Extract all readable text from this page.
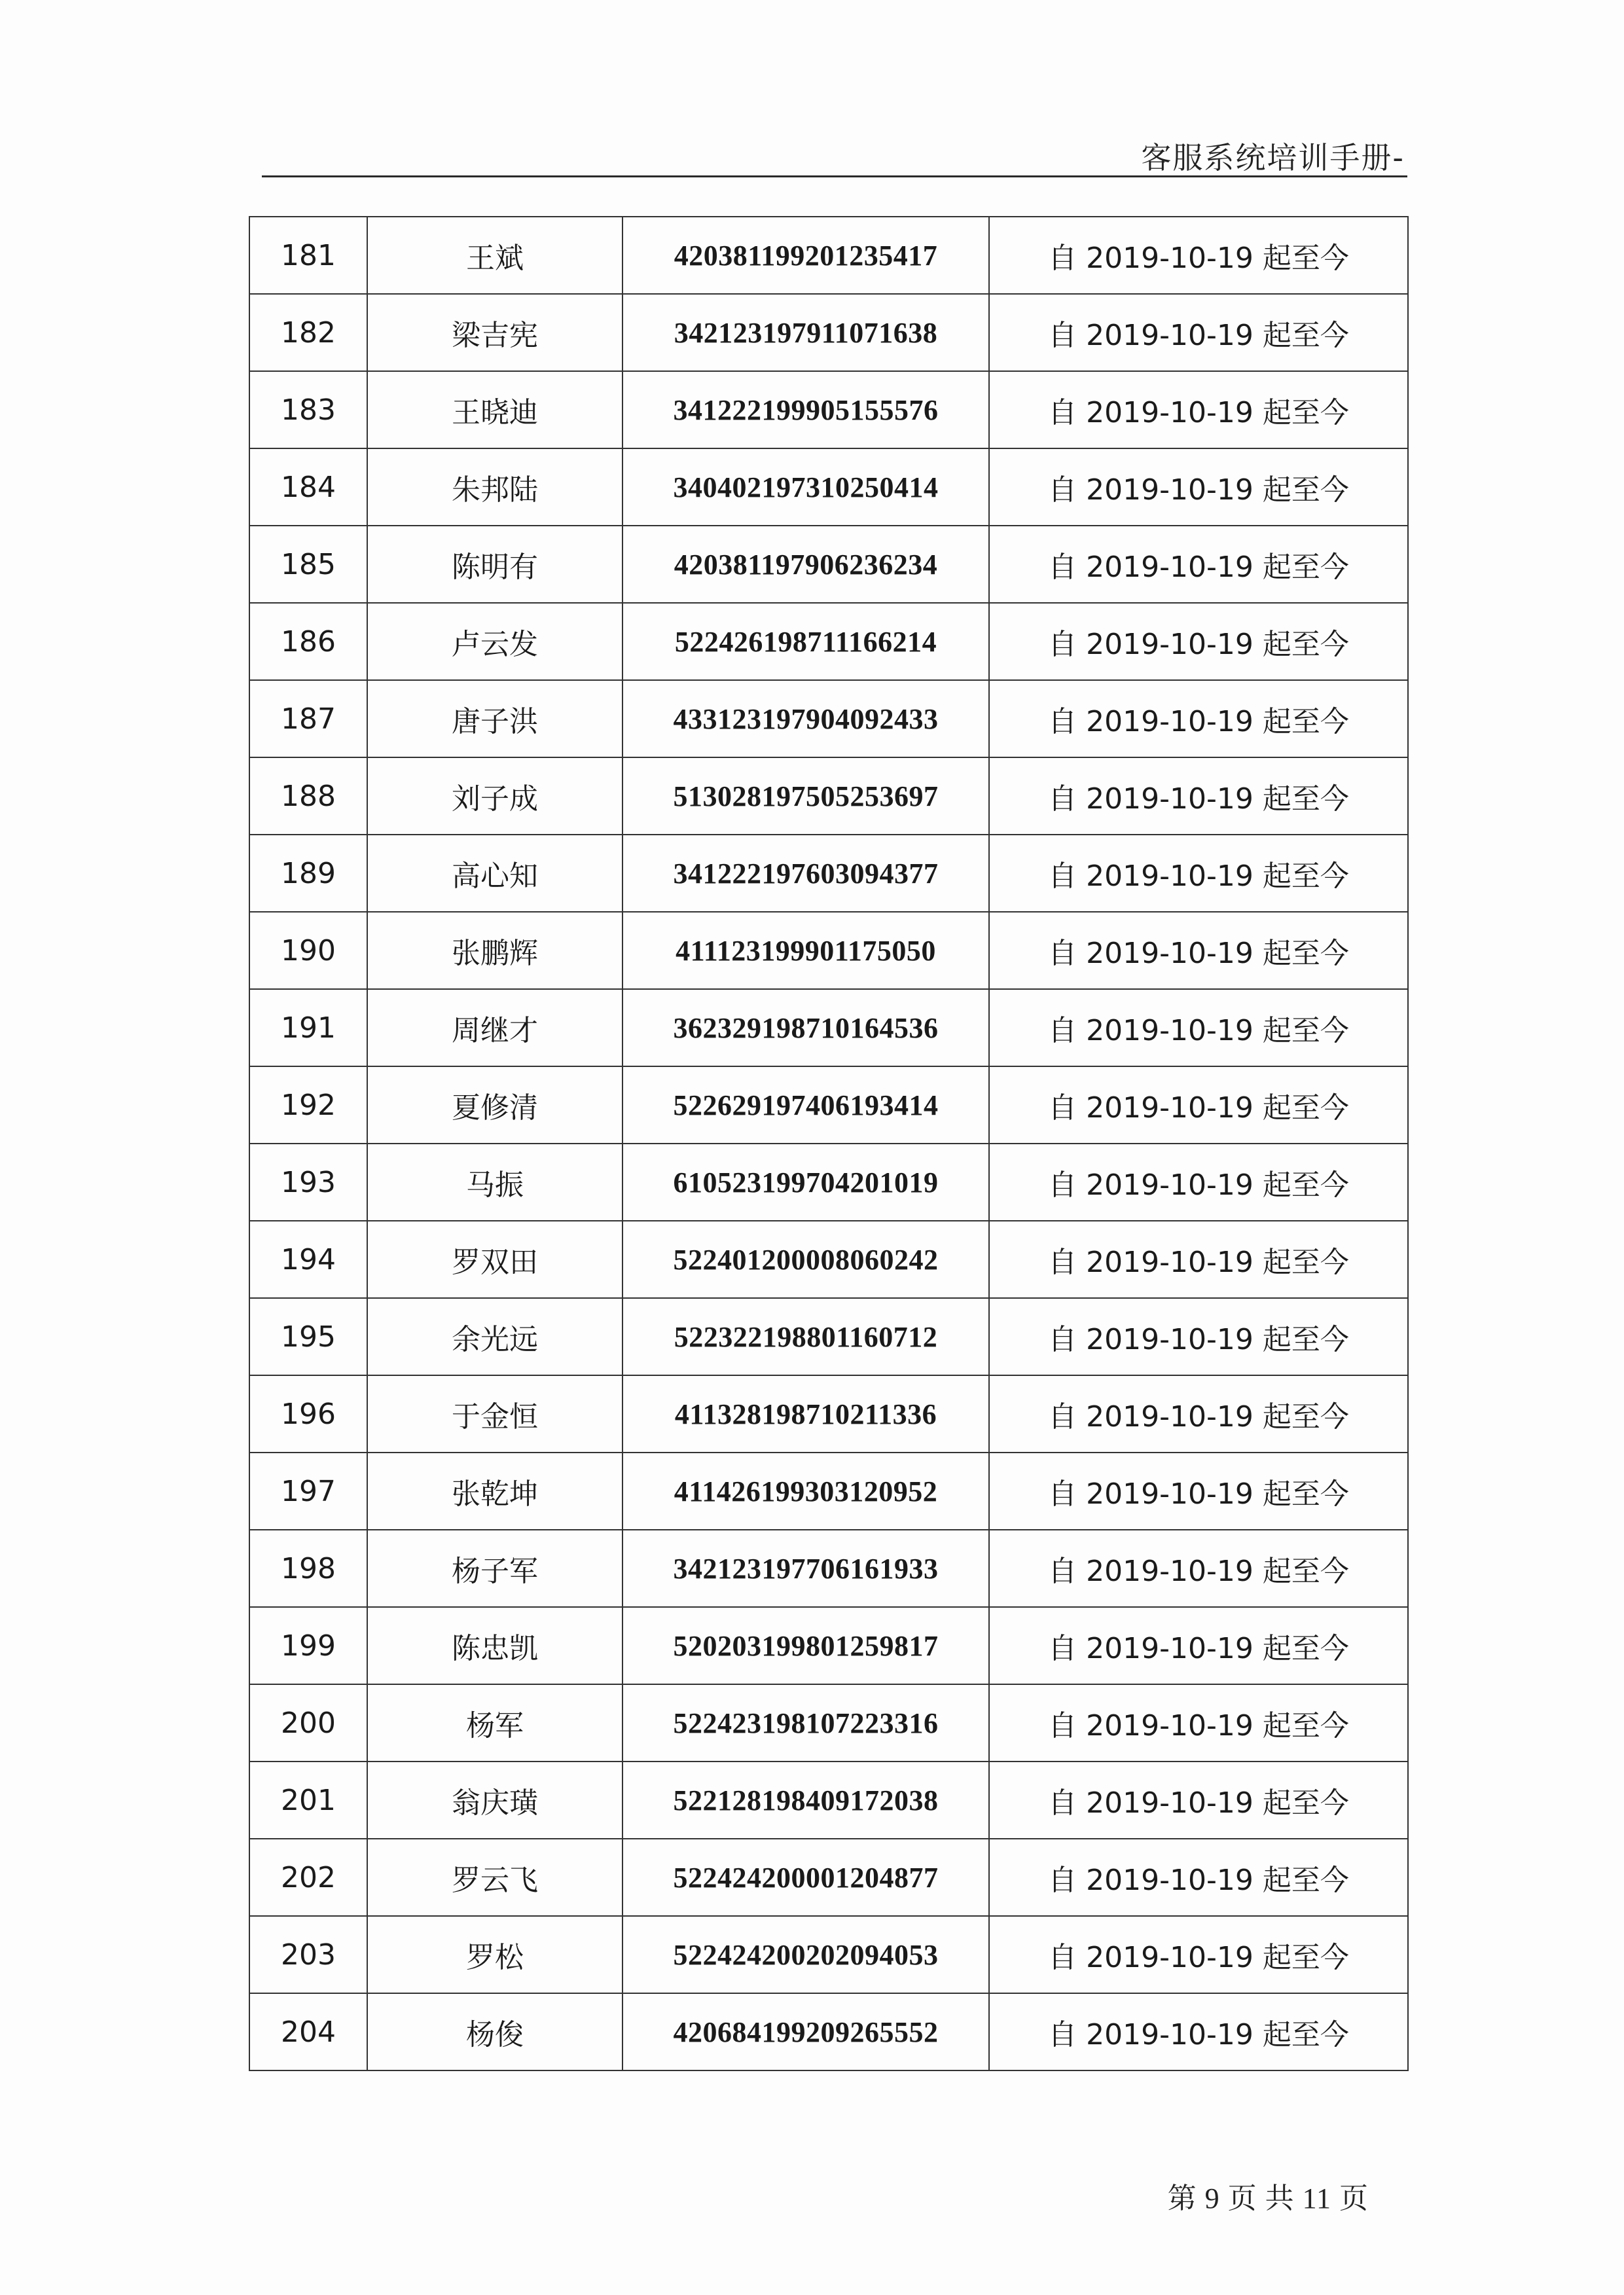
客服系统培训手册-
181	王斌	420381199201235417	自 2019-10-19 起至今
182	梁吉宪	342123197911071638	自 2019-10-19 起至今
183	王晓迪	341222199905155576	自 2019-10-19 起至今
184	朱邦陆	340402197310250414	自 2019-10-19 起至今
185	陈明有	420381197906236234	自 2019-10-19 起至今
186	卢云发	522426198711166214	自 2019-10-19 起至今
187	唐子洪	433123197904092433	自 2019-10-19 起至今
188	刘子成	513028197505253697	自 2019-10-19 起至今
189	高心知	341222197603094377	自 2019-10-19 起至今
190	张鹏辉	411123199901175050	自 2019-10-19 起至今
191	周继才	362329198710164536	自 2019-10-19 起至今
192	夏修清	522629197406193414	自 2019-10-19 起至今
193	马振	610523199704201019	自 2019-10-19 起至今
194	罗双田	522401200008060242	自 2019-10-19 起至今
195	余光远	522322198801160712	自 2019-10-19 起至今
196	于金恒	411328198710211336	自 2019-10-19 起至今
197	张乾坤	411426199303120952	自 2019-10-19 起至今
198	杨子军	342123197706161933	自 2019-10-19 起至今
199	陈忠凯	520203199801259817	自 2019-10-19 起至今
200	杨军	522423198107223316	自 2019-10-19 起至今
201	翁庆璜	522128198409172038	自 2019-10-19 起至今
202	罗云飞	522424200001204877	自 2019-10-19 起至今
203	罗松	522424200202094053	自 2019-10-19 起至今
204	杨俊	420684199209265552	自 2019-10-19 起至今
第 9 页 共 11 页
